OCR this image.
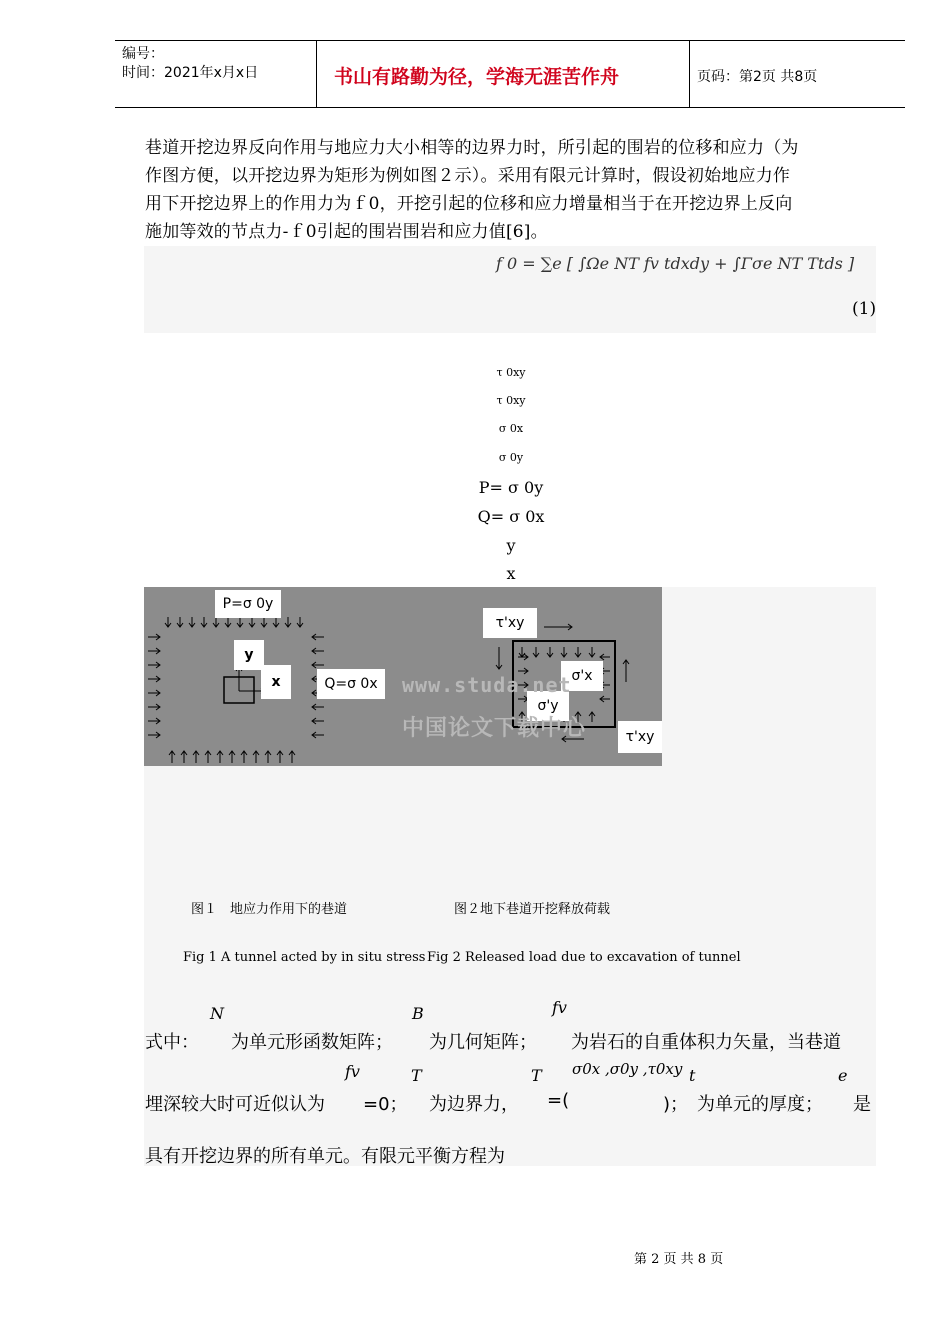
编号：
时间：2021年x月x日	书山有路勤为径，学海无涯苦作舟	页码：第2页 共8页
巷道开挖边界反向作用与地应力大小相等的边界力时，所引起的围岩的位移和应力（为
作图方便，以开挖边界为矩形为例如图２示）。采用有限元计算时，假设初始地应力作
用下开挖边界上的作用力为ｆ0，开挖引起的位移和应力增量相当于在开挖边界上反向
施加等效的节点力-ｆ0引起的围岩围岩和应力值[6]。
f 0 = ∑e [ ∫Ωe NT fv tdxdy + ∫Γσe NT Ttds ]
(1)
τ 0xy
τ 0xy
σ 0x
σ 0y
P= σ 0y
Q= σ 0x
y
x
P=σ 0y
y
x	Q=σ 0x
τ'xy
σ'x
σ'y
τ'xy
www.studa.net
中国论文下载中心
图１　地应力作用下的巷道	图２地下巷道开挖释放荷载
Fig 1 A tunnel acted by in situ stress Fig 2 Released load due to excavation of tunnel
N	B	fv
式中： 为单元形函数矩阵； 为几何矩阵； 为岩石的自重体积力矢量，当巷道
fv	T	T σ0x ,σ0y ,τ0xy t	e
埋深较大时可近似认为 =0； 为边界力， =(	)； 为单元的厚度； 是
具有开挖边界的所有单元。有限元平衡方程为
第 2 页 共 8 页
